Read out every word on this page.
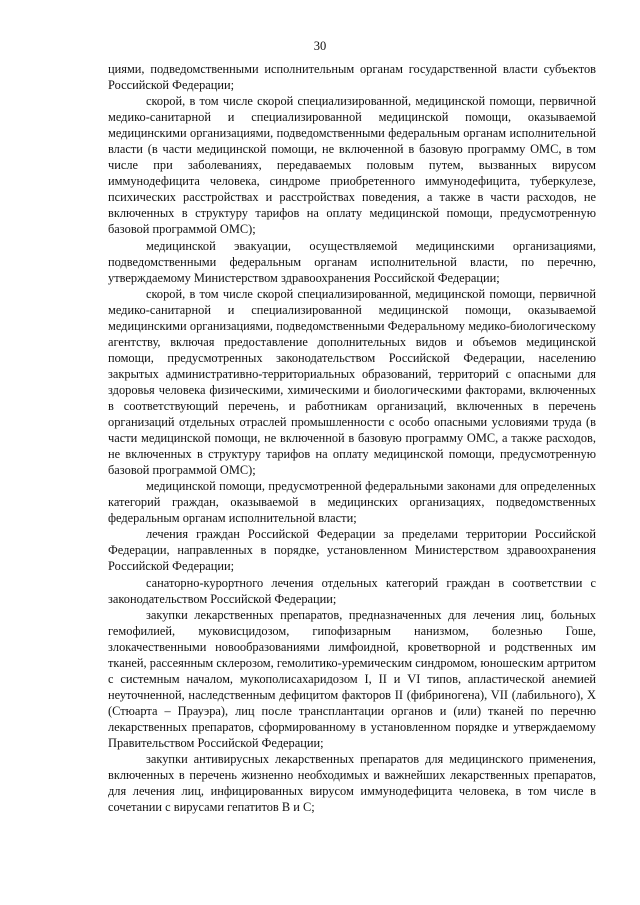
30

циями, подведомственными исполнительным органам государственной власти субъектов Российской Федерации;

скорой, в том числе скорой специализированной, медицинской помощи, первичной медико-санитарной и специализированной медицинской помощи, оказываемой медицинскими организациями, подведомственными федеральным органам исполнительной власти (в части медицинской помощи, не включенной в базовую программу ОМС, в том числе при заболеваниях, передаваемых половым путем, вызванных вирусом иммунодефицита человека, синдроме приобретенного иммунодефицита, туберкулезе, психических расстройствах и расстройствах поведения, а также в части расходов, не включенных в структуру тарифов на оплату медицинской помощи, предусмотренную базовой программой ОМС);

медицинской эвакуации, осуществляемой медицинскими организациями, подведомственными федеральным органам исполнительной власти, по перечню, утверждаемому Министерством здравоохранения Российской Федерации;

скорой, в том числе скорой специализированной, медицинской помощи, первичной медико-санитарной и специализированной медицинской помощи, оказываемой медицинскими организациями, подведомственными Федеральному медико-биологическому агентству, включая предоставление дополнительных видов и объемов медицинской помощи, предусмотренных законодательством Российской Федерации, населению закрытых административно-территориальных образований, территорий с опасными для здоровья человека физическими, химическими и биологическими факторами, включенных в соответствующий перечень, и работникам организаций, включенных в перечень организаций отдельных отраслей промышленности с особо опасными условиями труда (в части медицинской помощи, не включенной в базовую программу ОМС, а также расходов, не включенных в структуру тарифов на оплату медицинской помощи, предусмотренную базовой программой ОМС);

медицинской помощи, предусмотренной федеральными законами для определенных категорий граждан, оказываемой в медицинских организациях, подведомственных федеральным органам исполнительной власти;

лечения граждан Российской Федерации за пределами территории Российской Федерации, направленных в порядке, установленном Министерством здравоохранения Российской Федерации;

санаторно-курортного лечения отдельных категорий граждан в соответствии с законодательством Российской Федерации;

закупки лекарственных препаратов, предназначенных для лечения лиц, больных гемофилией, муковисцидозом, гипофизарным нанизмом, болезнью Гоше, злокачественными новообразованиями лимфоидной, кроветворной и родственных им тканей, рассеянным склерозом, гемолитико-уремическим синдромом, юношеским артритом с системным началом, мукополисахаридозом I, II и VI типов, апластической анемией неуточненной, наследственным дефицитом факторов II (фибриногена), VII (лабильного), X (Стюарта – Прауэра), лиц после трансплантации органов и (или) тканей по перечню лекарственных препаратов, сформированному в установленном порядке и утверждаемому Правительством Российской Федерации;

закупки антивирусных лекарственных препаратов для медицинского применения, включенных в перечень жизненно необходимых и важнейших лекарственных препаратов, для лечения лиц, инфицированных вирусом иммунодефицита человека, в том числе в сочетании с вирусами гепатитов B и C;
